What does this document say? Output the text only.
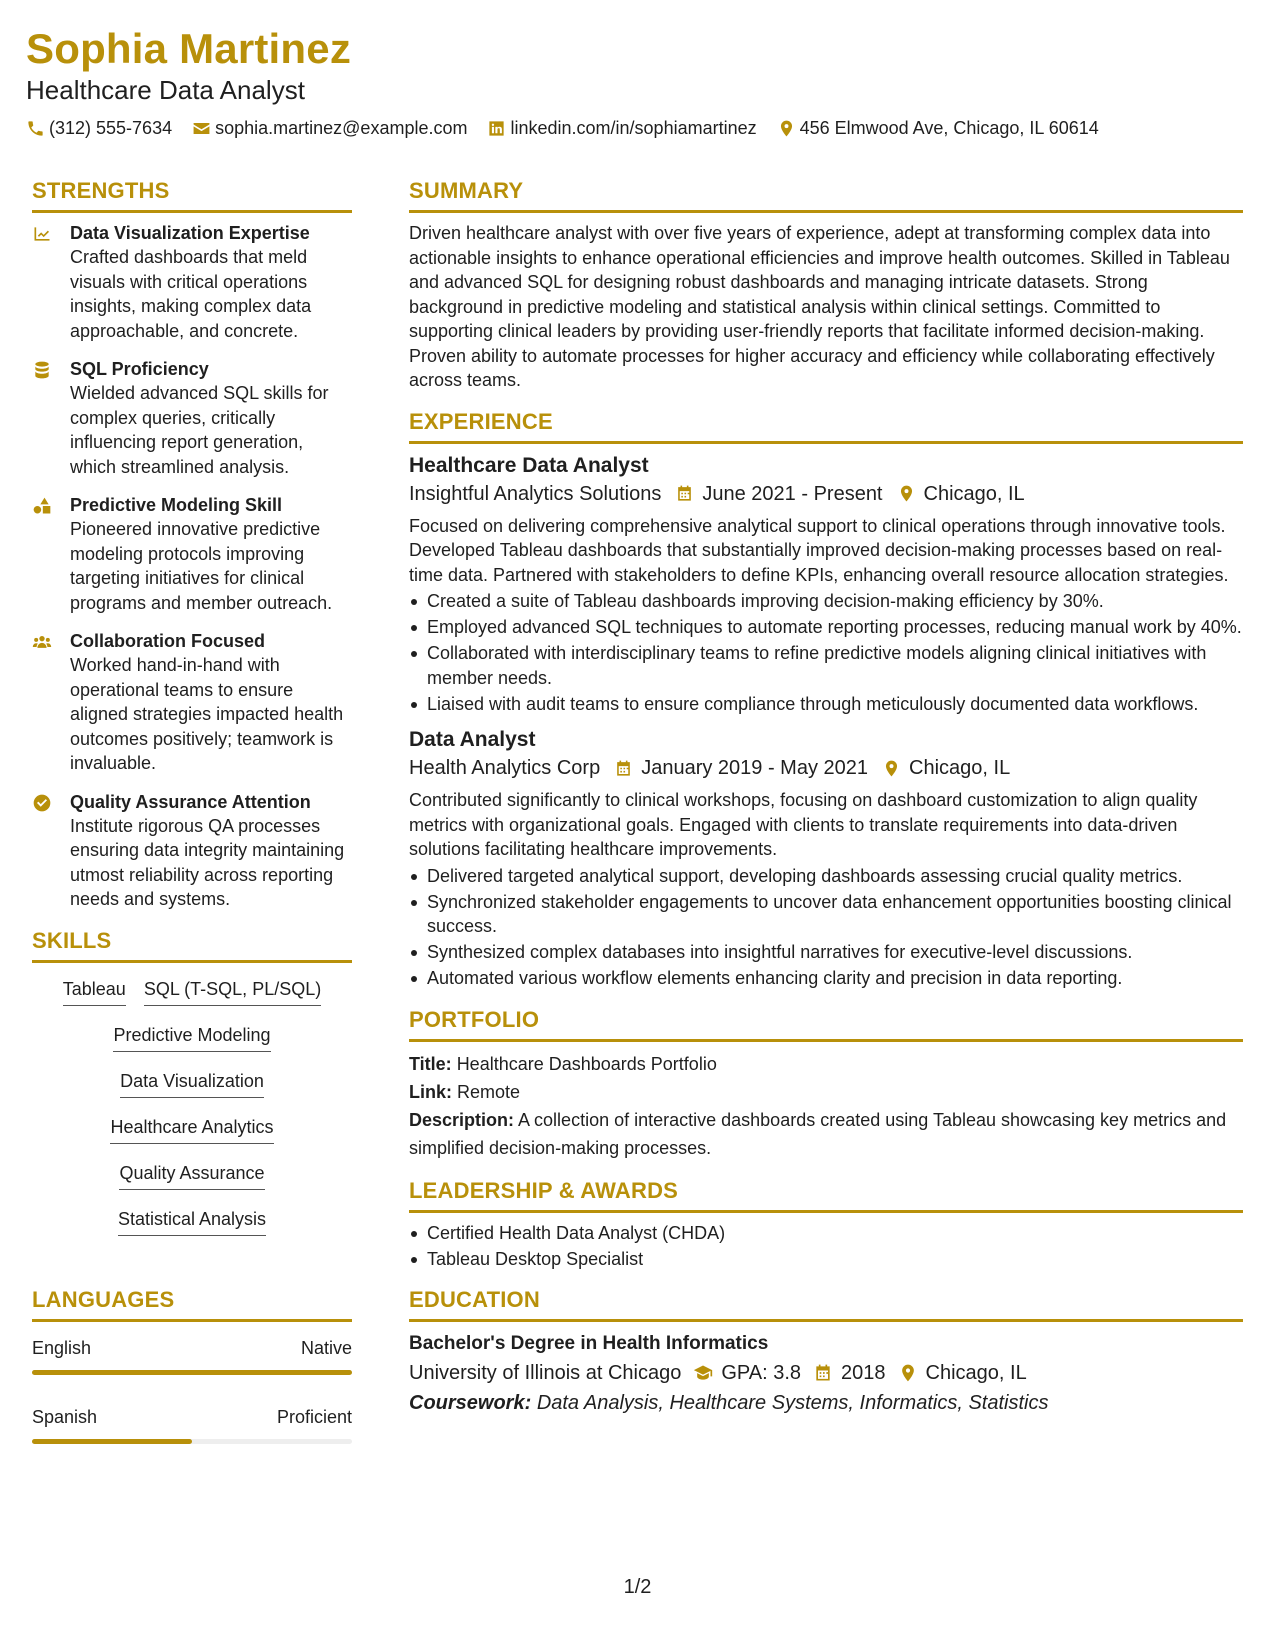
Sophia Martinez
Healthcare Data Analyst
(312) 555-7634 sophia.martinez@example.com linkedin.com/in/sophiamartinez 456 Elmwood Ave, Chicago, IL 60614
STRENGTHS
Data Visualization Expertise
Crafted dashboards that meld visuals with critical operations insights, making complex data approachable, and concrete.
SQL Proficiency
Wielded advanced SQL skills for complex queries, critically influencing report generation, which streamlined analysis.
Predictive Modeling Skill
Pioneered innovative predictive modeling protocols improving targeting initiatives for clinical programs and member outreach.
Collaboration Focused
Worked hand-in-hand with operational teams to ensure aligned strategies impacted health outcomes positively; teamwork is invaluable.
Quality Assurance Attention
Institute rigorous QA processes ensuring data integrity maintaining utmost reliability across reporting needs and systems.
SKILLS
Tableau SQL (T-SQL, PL/SQL)
Predictive Modeling
Data Visualization
Healthcare Analytics
Quality Assurance
Statistical Analysis
LANGUAGES
English	Native
Spanish	Proficient
SUMMARY
Driven healthcare analyst with over five years of experience, adept at transforming complex data into actionable insights to enhance operational efficiencies and improve health outcomes. Skilled in Tableau and advanced SQL for designing robust dashboards and managing intricate datasets. Strong background in predictive modeling and statistical analysis within clinical settings. Committed to supporting clinical leaders by providing user-friendly reports that facilitate informed decision-making. Proven ability to automate processes for higher accuracy and efficiency while collaborating effectively across teams.
EXPERIENCE
Healthcare Data Analyst
Insightful Analytics Solutions June 2021 - Present Chicago, IL
Focused on delivering comprehensive analytical support to clinical operations through innovative tools. Developed Tableau dashboards that substantially improved decision-making processes based on real-time data. Partnered with stakeholders to define KPIs, enhancing overall resource allocation strategies.
Created a suite of Tableau dashboards improving decision-making efficiency by 30%.
Employed advanced SQL techniques to automate reporting processes, reducing manual work by 40%.
Collaborated with interdisciplinary teams to refine predictive models aligning clinical initiatives with member needs.
Liaised with audit teams to ensure compliance through meticulously documented data workflows.
Data Analyst
Health Analytics Corp January 2019 - May 2021 Chicago, IL
Contributed significantly to clinical workshops, focusing on dashboard customization to align quality metrics with organizational goals. Engaged with clients to translate requirements into data-driven solutions facilitating healthcare improvements.
Delivered targeted analytical support, developing dashboards assessing crucial quality metrics.
Synchronized stakeholder engagements to uncover data enhancement opportunities boosting clinical success.
Synthesized complex databases into insightful narratives for executive-level discussions.
Automated various workflow elements enhancing clarity and precision in data reporting.
PORTFOLIO
Title: Healthcare Dashboards Portfolio
Link: Remote
Description: A collection of interactive dashboards created using Tableau showcasing key metrics and simplified decision-making processes.
LEADERSHIP & AWARDS
Certified Health Data Analyst (CHDA)
Tableau Desktop Specialist
EDUCATION
Bachelor's Degree in Health Informatics
University of Illinois at Chicago GPA: 3.8 2018 Chicago, IL
Coursework: Data Analysis, Healthcare Systems, Informatics, Statistics
1/2
